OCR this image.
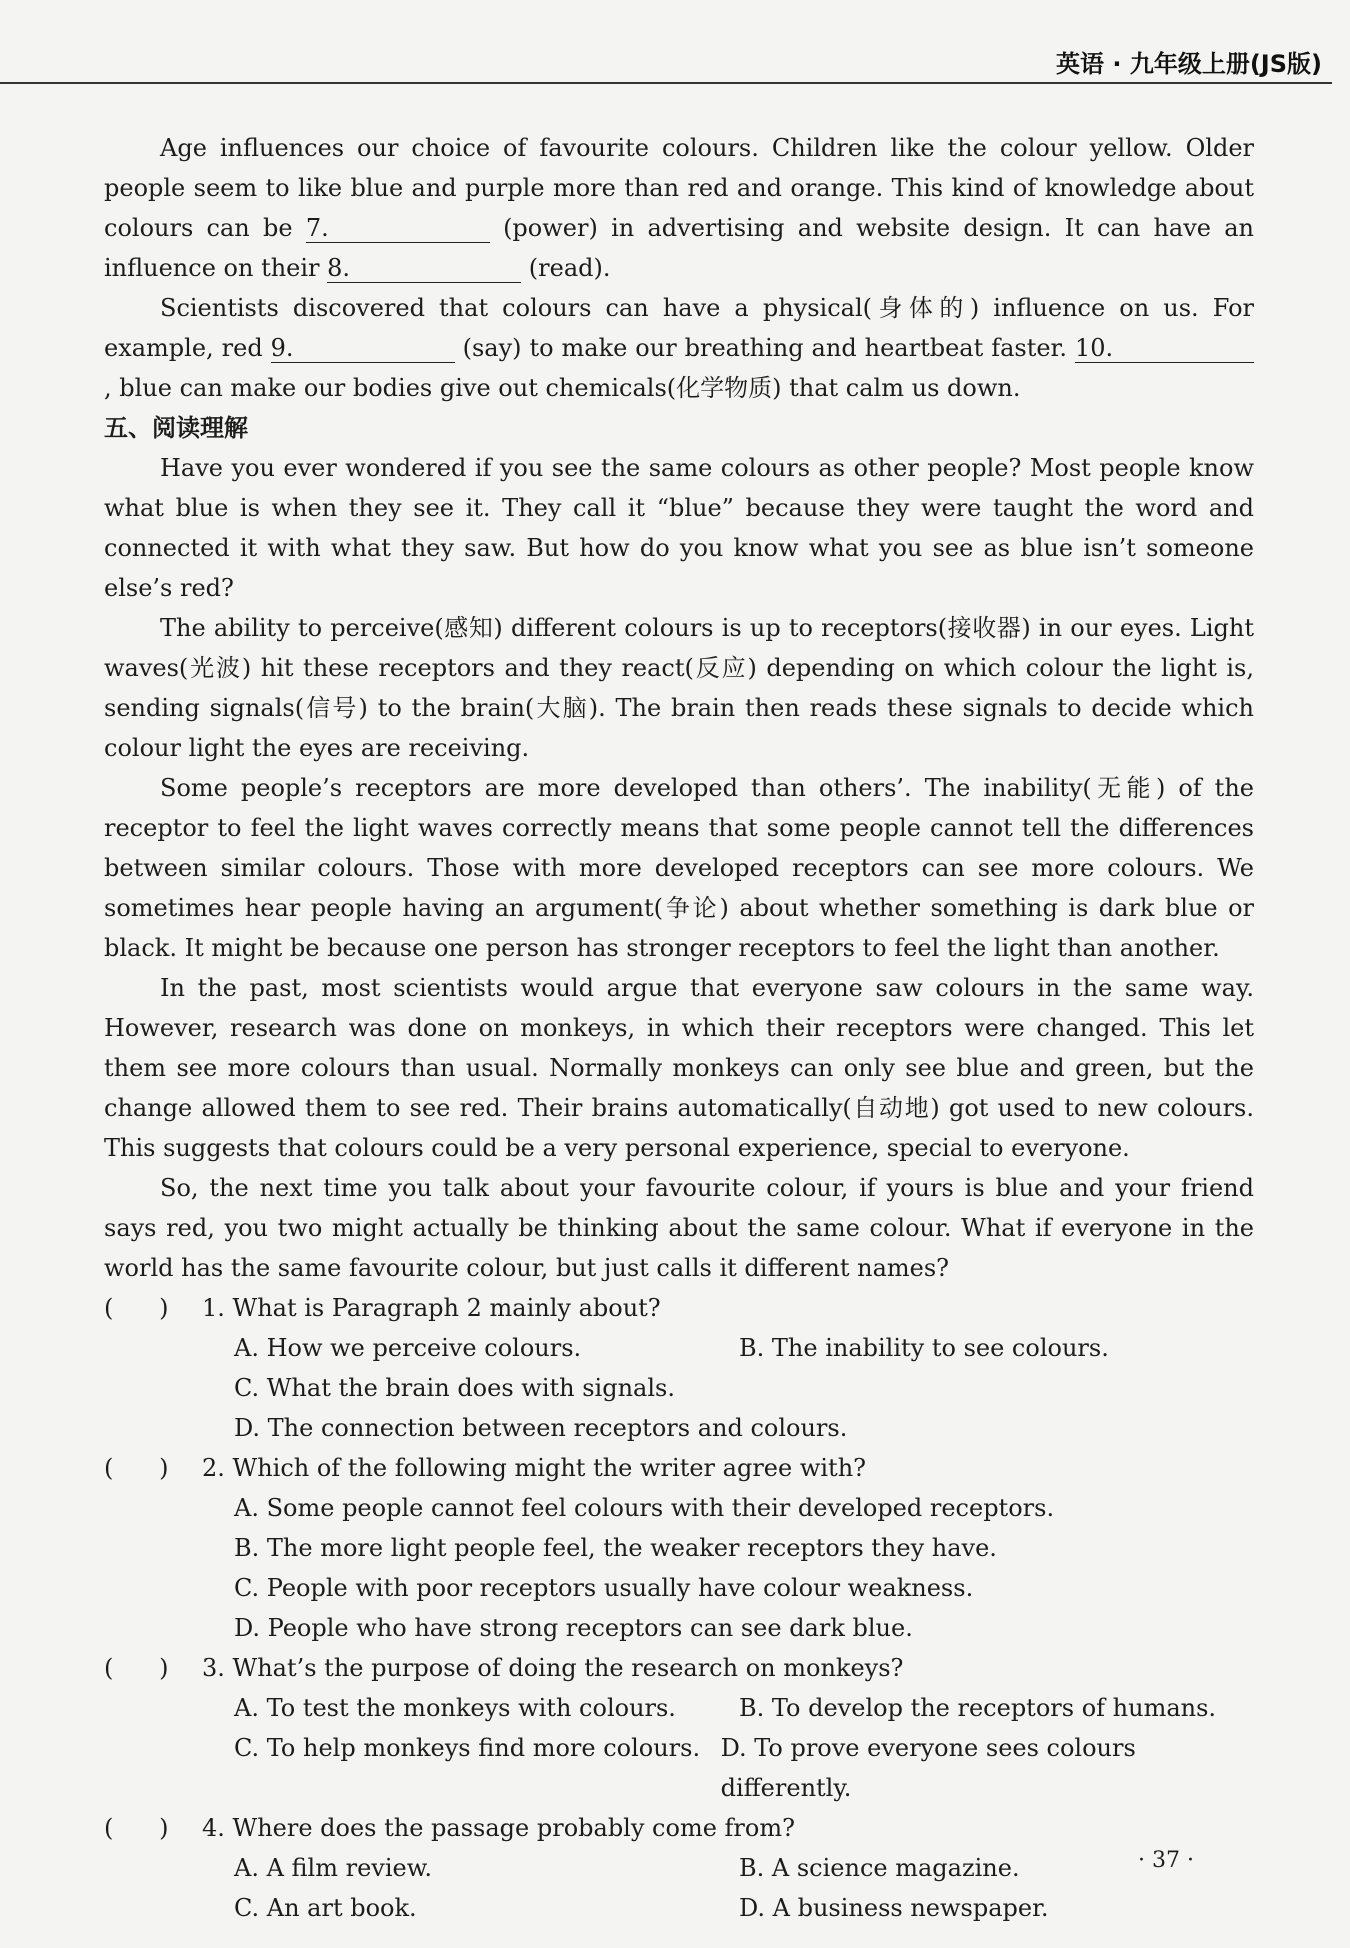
英语 · 九年级上册(JS版)

Age influences our choice of favourite colours. Children like the colour yellow. Older people seem to like blue and purple more than red and orange. This kind of knowledge about colours can be 7.	(power) in advertising and website design. It can have an influence on their 8.	(read).

Scientists discovered that colours can have a physical(身体的) influence on us. For example, red 9.	(say) to make our breathing and heartbeat faster. 10., blue can make our bodies give out chemicals(化学物质) that calm us down.

五、阅读理解

Have you ever wondered if you see the same colours as other people? Most people know what blue is when they see it. They call it “blue” because they were taught the word and connected it with what they saw. But how do you know what you see as blue isn’t someone else’s red?

The ability to perceive(感知) different colours is up to receptors(接收器) in our eyes. Light waves(光波) hit these receptors and they react(反应) depending on which colour the light is, sending signals(信号) to the brain(大脑). The brain then reads these signals to decide which colour light the eyes are receiving.

Some people’s receptors are more developed than others’. The inability(无能) of the receptor to feel the light waves correctly means that some people cannot tell the differences between similar colours. Those with more developed receptors can see more colours. We sometimes hear people having an argument(争论) about whether something is dark blue or black. It might be because one person has stronger receptors to feel the light than another.

In the past, most scientists would argue that everyone saw colours in the same way. However, research was done on monkeys, in which their receptors were changed. This let them see more colours than usual. Normally monkeys can only see blue and green, but the change allowed them to see red. Their brains automatically(自动地) got used to new colours. This suggests that colours could be a very personal experience, special to everyone.

So, the next time you talk about your favourite colour, if yours is blue and your friend says red, you two might actually be thinking about the same colour. What if everyone in the world has the same favourite colour, but just calls it different names?

(      )	1. What is Paragraph 2 mainly about?
A. How we perceive colours.	B. The inability to see colours.
C. What the brain does with signals.
D. The connection between receptors and colours.
(      )	2. Which of the following might the writer agree with?
A. Some people cannot feel colours with their developed receptors.
B. The more light people feel, the weaker receptors they have.
C. People with poor receptors usually have colour weakness.
D. People who have strong receptors can see dark blue.
(      )	3. What’s the purpose of doing the research on monkeys?
A. To test the monkeys with colours.	B. To develop the receptors of humans.
C. To help monkeys find more colours. D. To prove everyone sees colours differently.
(      )	4. Where does the passage probably come from?
A. A film review.	B. A science magazine.
C. An art book.	D. A business newspaper.
· 37 ·
